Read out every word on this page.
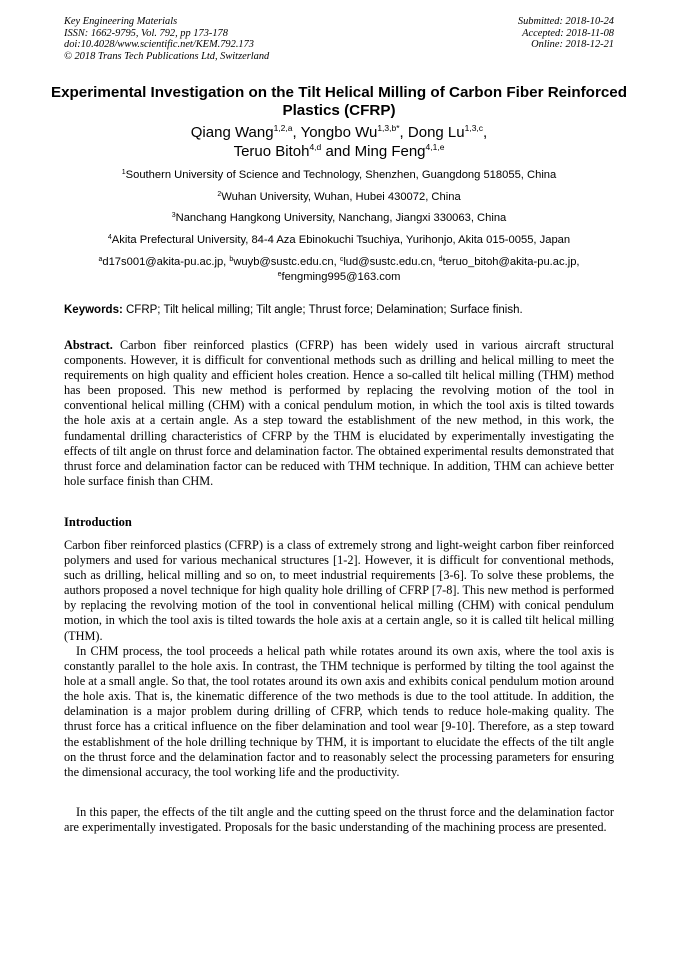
Key Engineering Materials
ISSN: 1662-9795, Vol. 792, pp 173-178
doi:10.4028/www.scientific.net/KEM.792.173
© 2018 Trans Tech Publications Ltd, Switzerland
Submitted: 2018-10-24
Accepted: 2018-11-08
Online: 2018-12-21
Experimental Investigation on the Tilt Helical Milling of Carbon Fiber Reinforced Plastics (CFRP)
Qiang Wang$^{1,2,a}$, Yongbo $Wu^{1,3,b*}$, Dong Lu$^{1,3,c}$,
Teruo Bitoh$^{4,d}$ and Ming Feng$^{4,1,e}$
$^1$Southern University of Science and Technology, Shenzhen, Guangdong 518055, China
$^2$Wuhan University, Wuhan, Hubei 430072, China
$^3$Nanchang Hangkong University, Nanchang, Jiangxi 330063, China
$^4$Akita Prefectural University, 84-4 Aza Ebinokuchi Tsuchiya, Yurihonjo, Akita 015-0055, Japan
$^a$d17s001@akita-pu.ac.jp, $^b$wuyb@sustc.edu.cn, $^c$lud@sustc.edu.cn, $^d$teruo_bitoh@akita-pu.ac.jp,
$^e$fengming995@163.com
Keywords: CFRP; Tilt helical milling; Tilt angle; Thrust force; Delamination; Surface finish.

Abstract. Carbon fiber reinforced plastics (CFRP) has been widely used in various aircraft structural components. However, it is difficult for conventional methods such as drilling and helical milling to meet the requirements on high quality and efficient holes creation. Hence a so-called tilt helical milling (THM) method has been proposed. This new method is performed by replacing the revolving motion of the tool in conventional helical milling (CHM) with a conical pendulum motion, in which the tool axis is tilted towards the hole axis at a certain angle. As a step toward the establishment of the new method, in this work, the fundamental drilling characteristics of CFRP by the THM is elucidated by experimentally investigating the effects of tilt angle on thrust force and delamination factor. The obtained experimental results demonstrated that thrust force and delamination factor can be reduced with THM technique. In addition, THM can achieve better hole surface finish than CHM.

Introduction

Carbon fiber reinforced plastics (CFRP) is a class of extremely strong and light-weight carbon fiber reinforced polymers and used for various mechanical structures [1-2]. However, it is difficult for conventional methods, such as drilling, helical milling and so on, to meet industrial requirements [3-6]. To solve these problems, the authors proposed a novel technique for high quality hole drilling of CFRP [7-8]. This new method is performed by replacing the revolving motion of the tool in conventional helical milling (CHM) with conical pendulum motion, in which the tool axis is tilted towards the hole axis at a certain angle, so it is called tilt helical milling (THM).

In CHM process, the tool proceeds a helical path while rotates around its own axis, where the tool axis is constantly parallel to the hole axis. In contrast, the THM technique is performed by tilting the tool against the hole at a small angle. So that, the tool rotates around its own axis and exhibits conical pendulum motion around the hole axis. That is, the kinematic difference of the two methods is due to the tool attitude. In addition, the delamination is a major problem during drilling of CFRP, which tends to reduce hole-making quality. The thrust force has a critical influence on the fiber delamination and tool wear [9-10]. Therefore, as a step toward the establishment of the hole drilling technique by THM, it is important to elucidate the effects of the tilt angle on the thrust force and the delamination factor and to reasonably select the processing parameters for ensuring the dimensional accuracy, the tool working life and the productivity.

In this paper, the effects of the tilt angle and the cutting speed on the thrust force and the delamination factor are experimentally investigated. Proposals for the basic understanding of the machining process are presented.
